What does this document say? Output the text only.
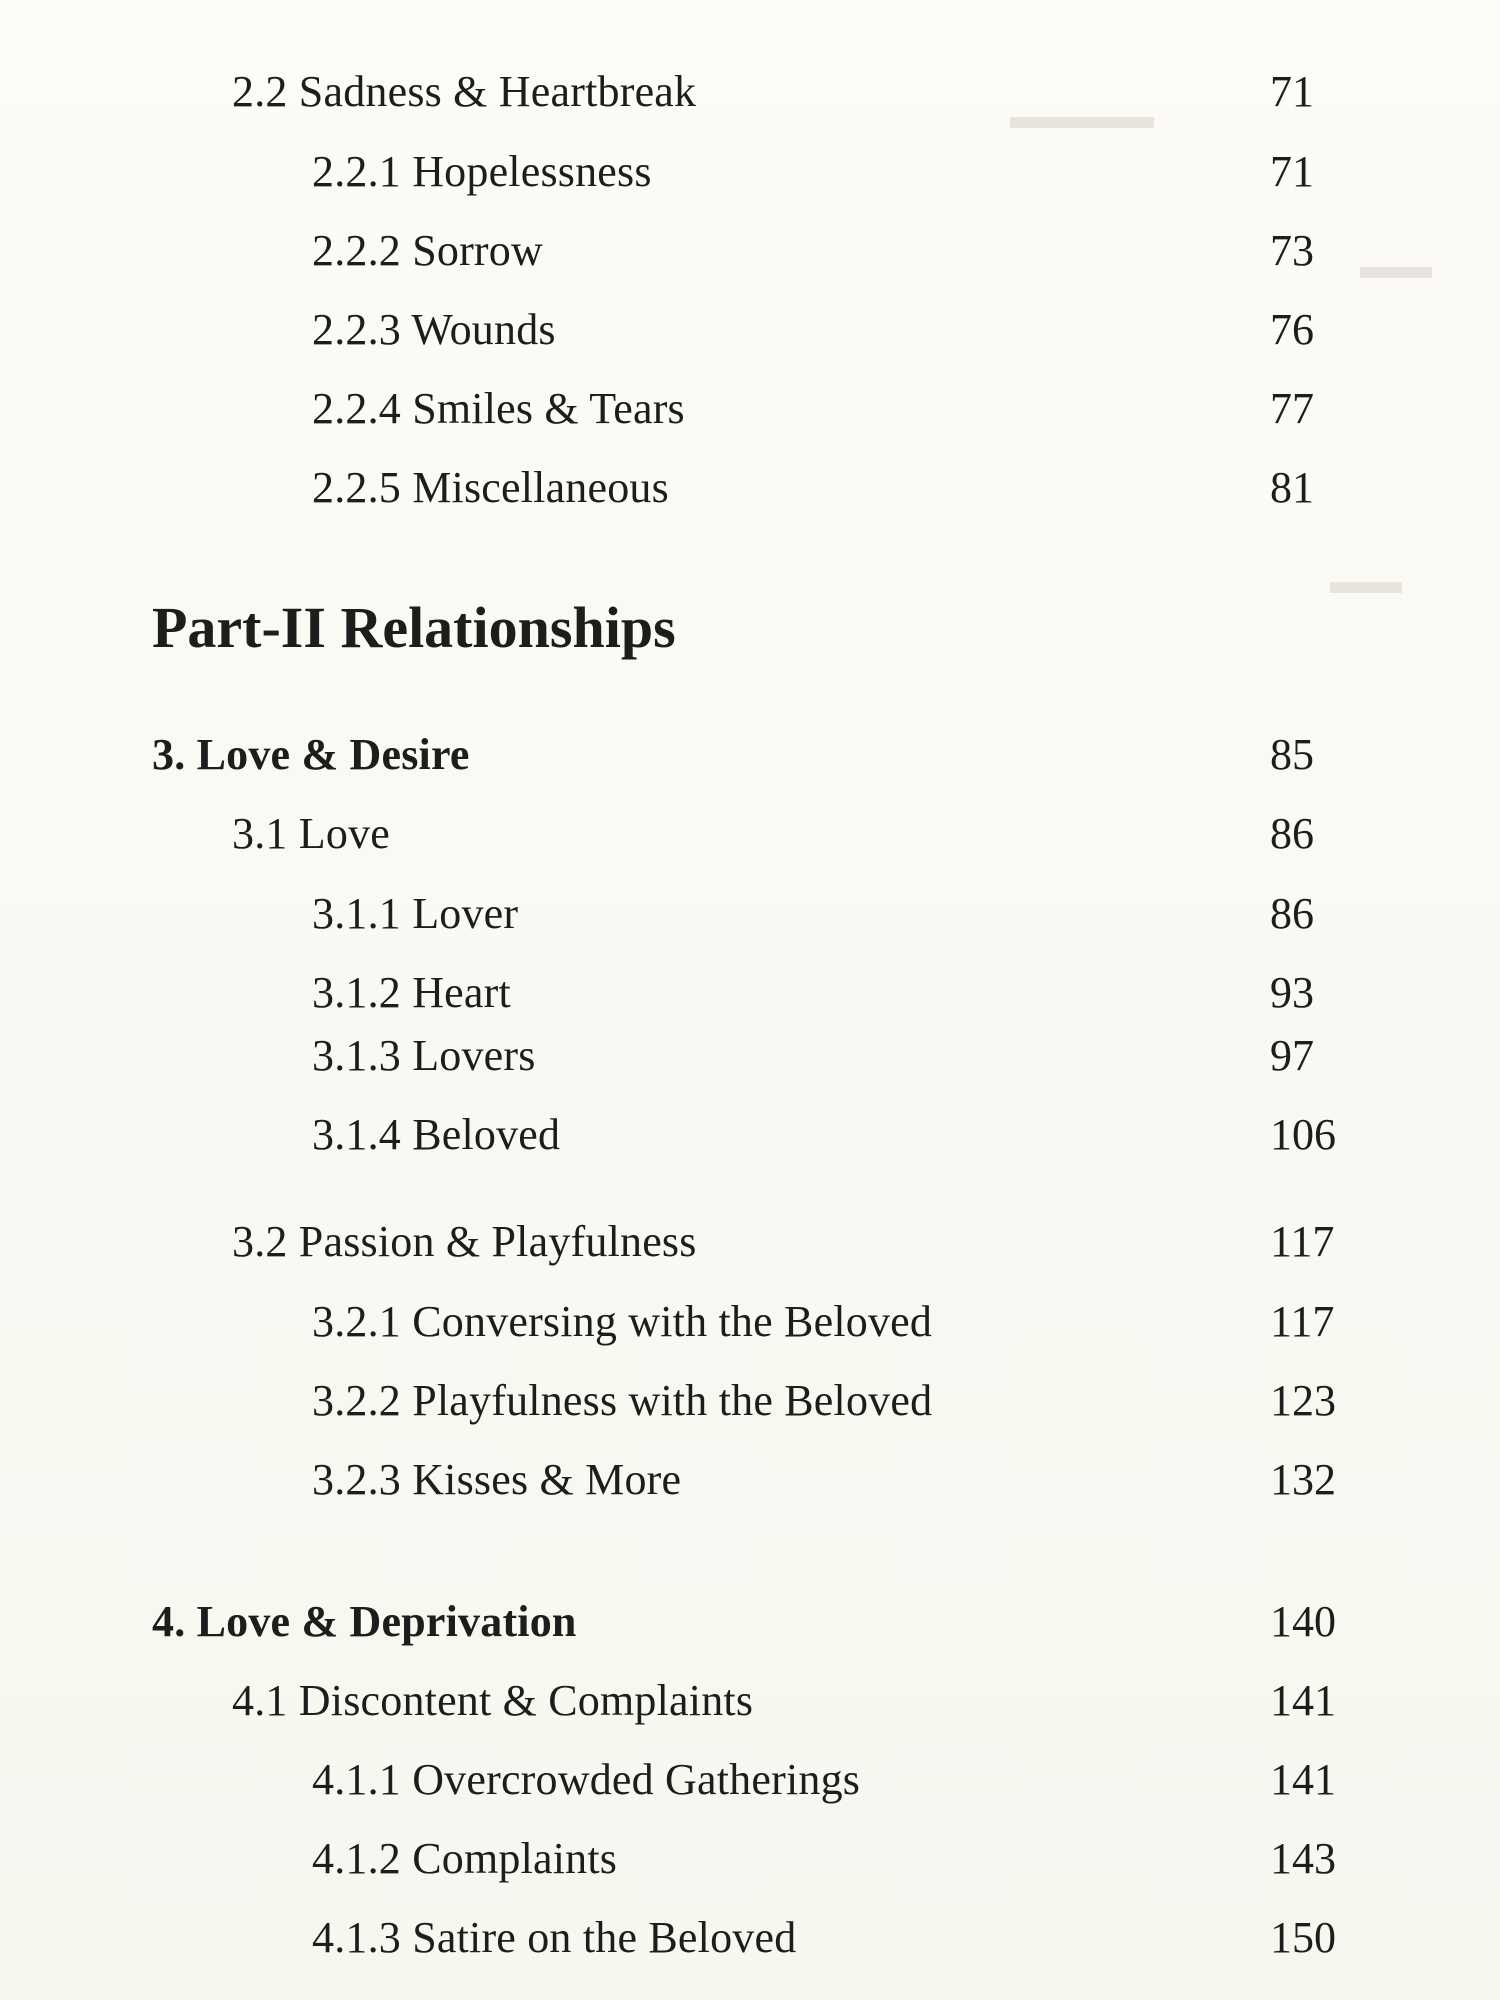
▬▬▬▬
▬▬
▬▬
2.2 Sadness & Heartbreak	71
2.2.1 Hopelessness	71
2.2.2 Sorrow	73
2.2.3 Wounds	76
2.2.4 Smiles & Tears	77
2.2.5 Miscellaneous	81
Part-II Relationships
3. Love & Desire	85
3.1 Love	86
3.1.1 Lover	86
3.1.2 Heart	93
3.1.3 Lovers	97
3.1.4 Beloved	106
3.2 Passion & Playfulness	117
3.2.1 Conversing with the Beloved	117
3.2.2 Playfulness with the Beloved	123
3.2.3 Kisses & More	132
4. Love & Deprivation	140
4.1 Discontent & Complaints	141
4.1.1 Overcrowded Gatherings	141
4.1.2 Complaints	143
4.1.3 Satire on the Beloved	150
